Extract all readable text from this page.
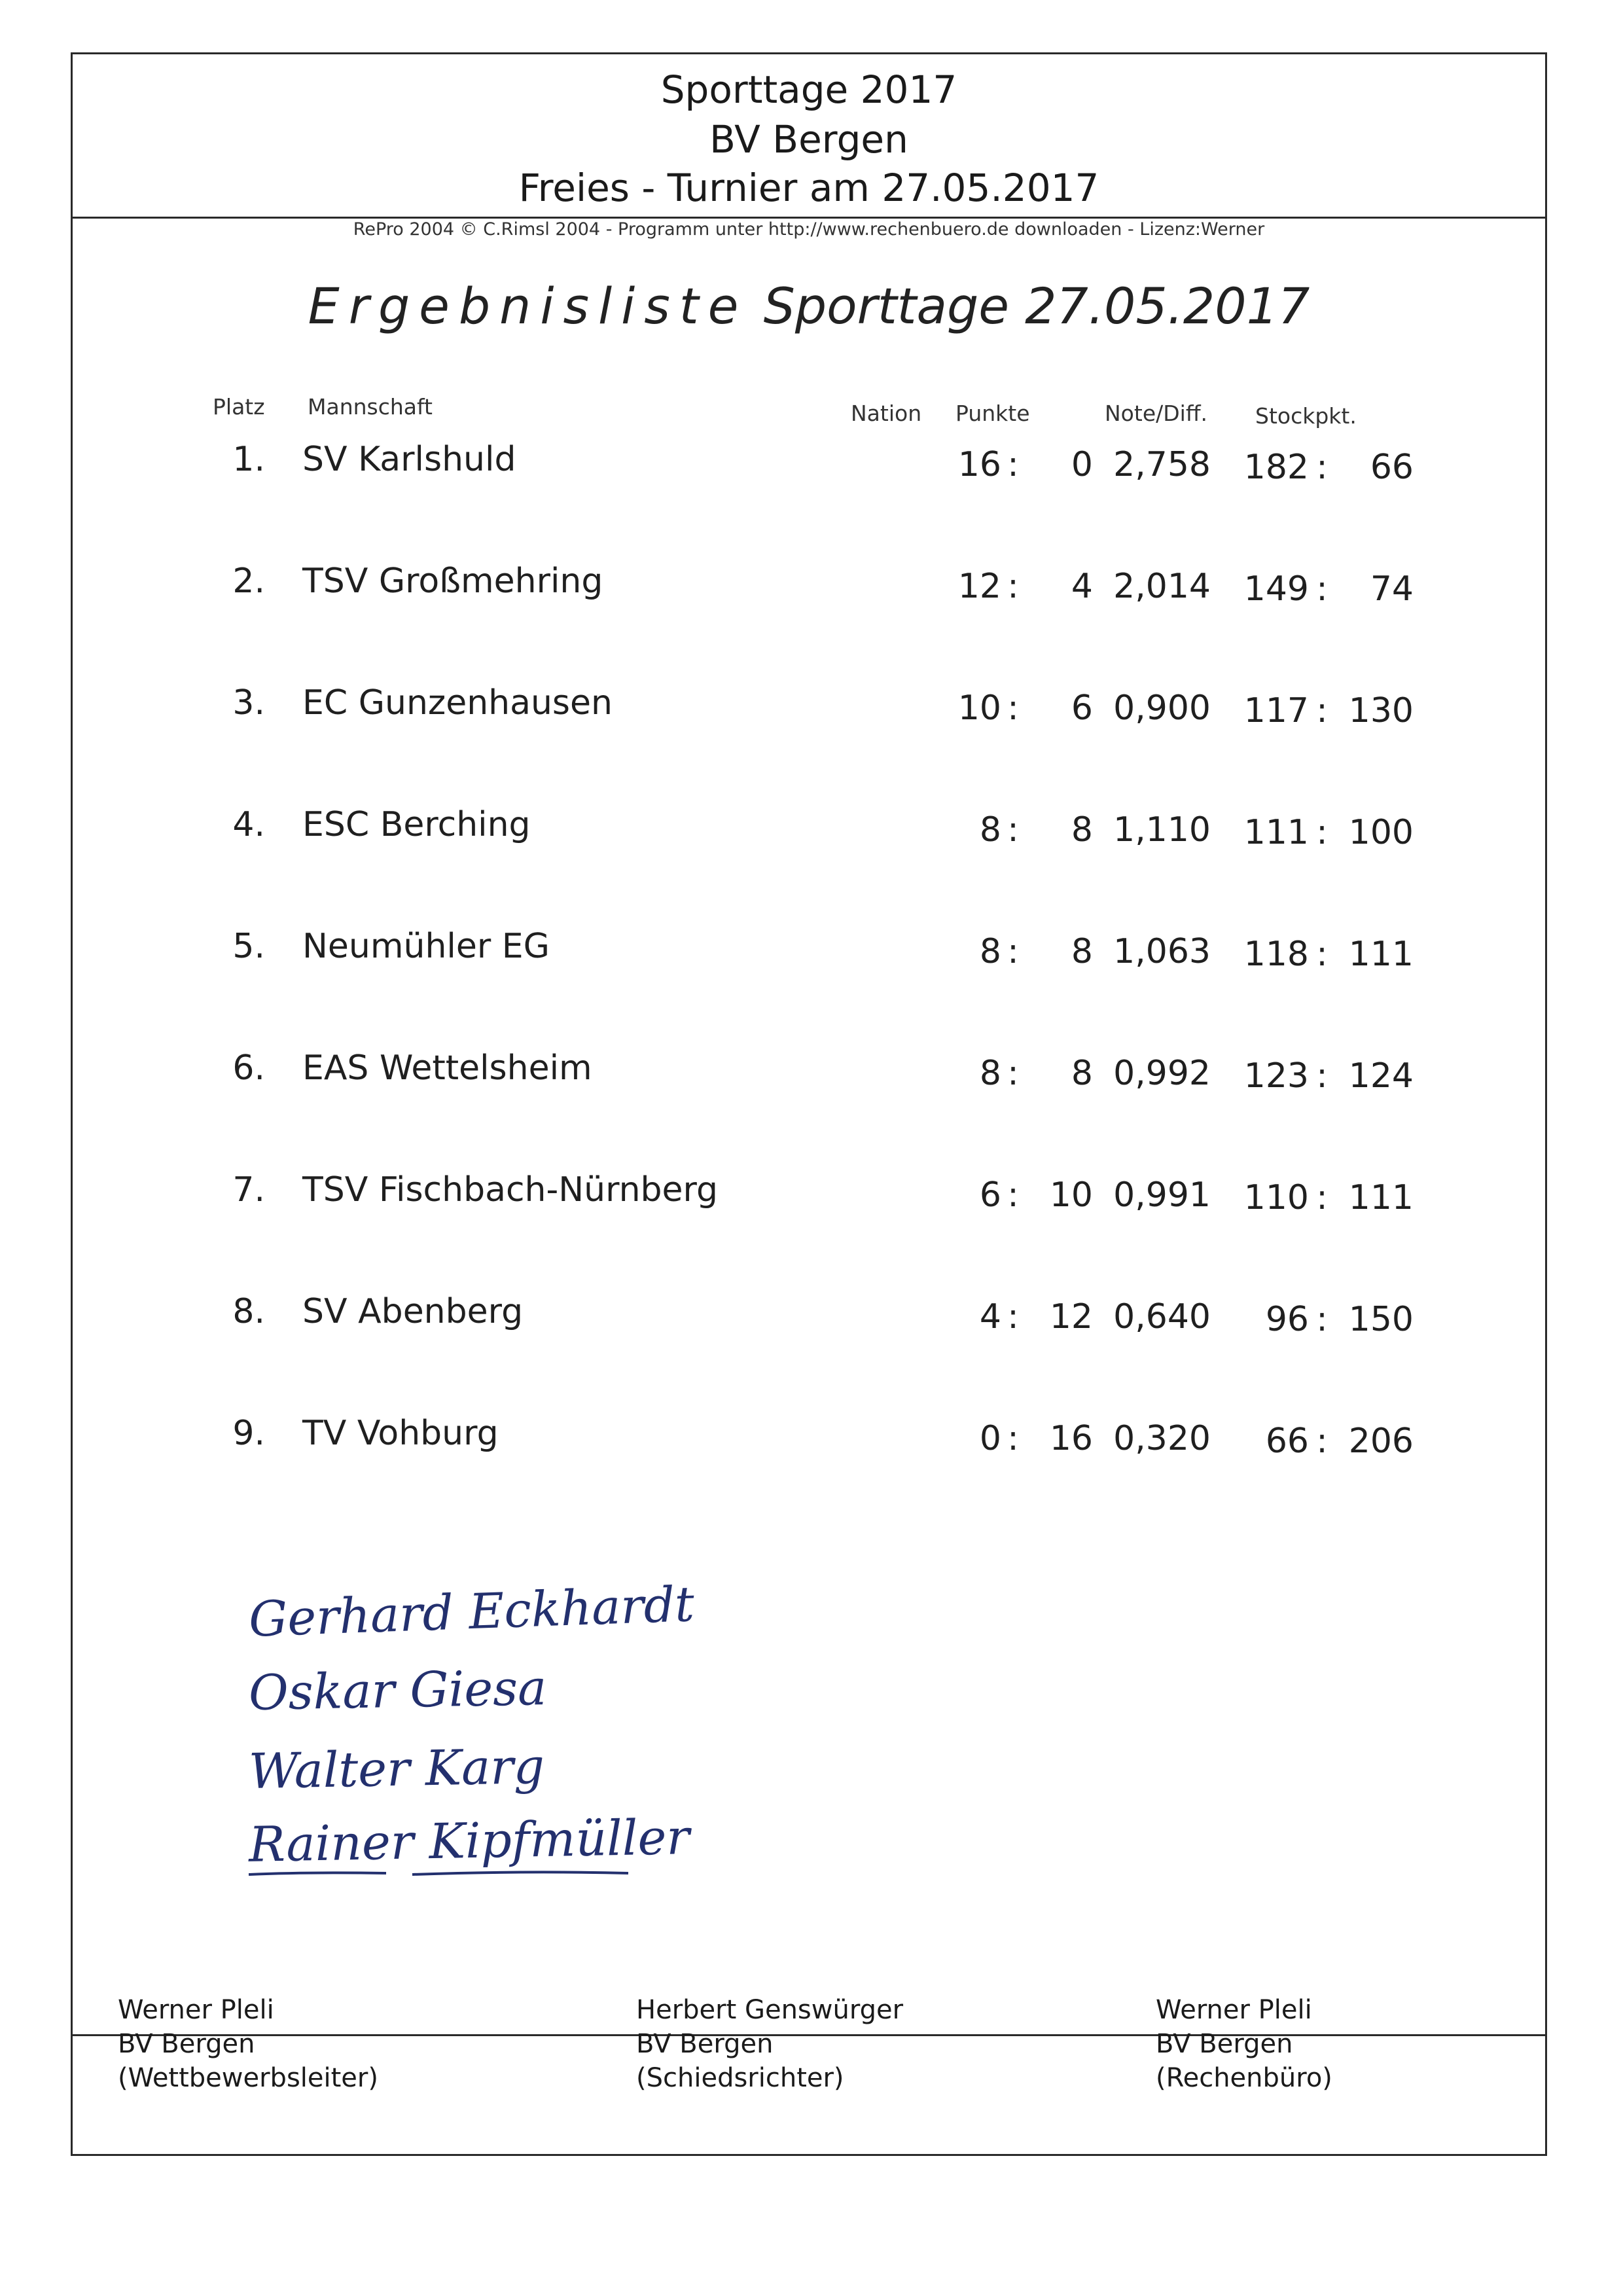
Sporttage 2017
BV Bergen
Freies - Turnier am 27.05.2017
RePro 2004 © C.Rimsl 2004 - Programm unter http://www.rechenbuero.de downloaden - Lizenz:Werner
Ergebnisliste Sporttage 27.05.2017
Platz Mannschaft	Nation Punkte	Note/Diff. Stockpkt.
1. SV Karlshuld	16 :	0 2,758 182 :	66
2. TSV Großmehring	12 :	4 2,014 149 :	74
3. EC Gunzenhausen	10 :	6 0,900 117 : 130
4. ESC Berching	8 :	8 1,110 111 : 100
5. Neumühler EG	8 :	8 1,063 118 : 111
6. EAS Wettelsheim	8 :	8 0,992 123 : 124
7. TSV Fischbach-Nürnberg	6 : 10 0,991 110 : 111
8. SV Abenberg	4 : 12 0,640	96 : 150
9. TV Vohburg	0 : 16 0,320	66 : 206
Gerhard Eckhardt
Oskar Giesa
Walter Karg
Rainer Kipfmüller
Werner Pleli
BV Bergen
(Wettbewerbsleiter)
Herbert Genswürger
BV Bergen
(Schiedsrichter)
Werner Pleli
BV Bergen
(Rechenbüro)
